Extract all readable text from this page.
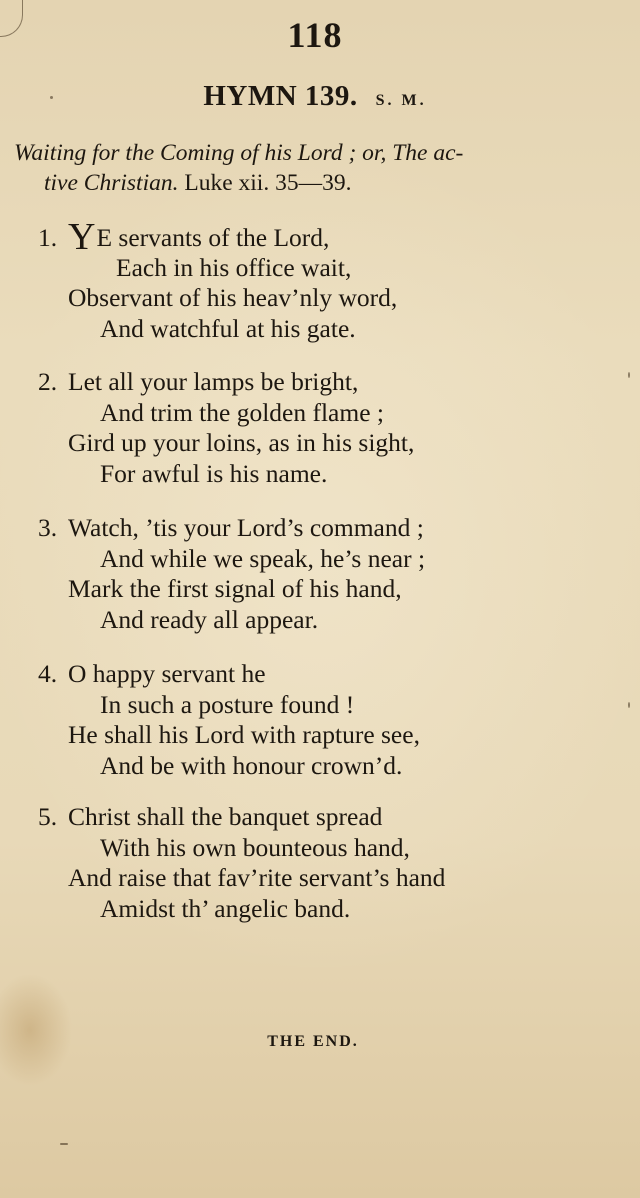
118
HYMN 139. S. M.
Waiting for the Coming of his Lord ; or, The ac-
tive Christian. Luke xii. 35—39.
1. YE servants of the Lord,
Each in his office wait,
Observant of his heav’nly word,
And watchful at his gate.
2. Let all your lamps be bright,
And trim the golden flame ;
Gird up your loins, as in his sight,
For awful is his name.
3. Watch, ’tis your Lord’s command ;
And while we speak, he’s near ;
Mark the first signal of his hand,
And ready all appear.
4. O happy servant he
In such a posture found !
He shall his Lord with rapture see,
And be with honour crown’d.
5. Christ shall the banquet spread
With his own bounteous hand,
And raise that fav’rite servant’s hand
Amidst th’ angelic band.
THE END.
